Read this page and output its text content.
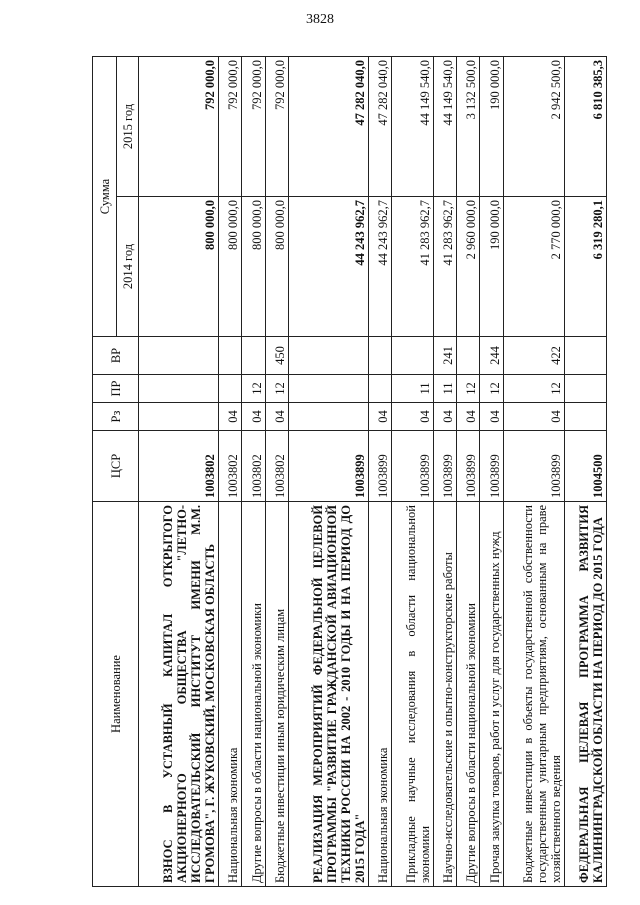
3828
Наименование	ЦСР	Рз	ПР	ВР	Сумма	
					2014 год	2015 год
ВЗНОС В УСТАВНЫЙ КАПИТАЛ ОТКРЫТОГО АКЦИОНЕРНОГО ОБЩЕСТВА "ЛЕТНО-ИССЛЕДОВАТЕЛЬСКИЙ ИНСТИТУТ ИМЕНИ М.М. ГРОМОВА", Г. ЖУКОВСКИЙ, МОСКОВСКАЯ ОБЛАСТЬ	1003802				800 000,0	792 000,0
Национальная экономика	1003802	04			800 000,0	792 000,0
Другие вопросы в области национальной экономики	1003802	04	12		800 000,0	792 000,0
Бюджетные инвестиции иным юридическим лицам	1003802	04	12	450	800 000,0	792 000,0
РЕАЛИЗАЦИЯ МЕРОПРИЯТИЙ ФЕДЕРАЛЬНОЙ ЦЕЛЕВОЙ ПРОГРАММЫ "РАЗВИТИЕ ГРАЖДАНСКОЙ АВИАЦИОННОЙ ТЕХНИКИ РОССИИ НА 2002 - 2010 ГОДЫ И НА ПЕРИОД ДО 2015 ГОДА"	1003899				44 243 962,7	47 282 040,0
Национальная экономика	1003899	04			44 243 962,7	47 282 040,0
Прикладные научные исследования в области национальной экономики	1003899	04	11		41 283 962,7	44 149 540,0
Научно-исследовательские и опытно-конструкторские работы	1003899	04	11	241	41 283 962,7	44 149 540,0
Другие вопросы в области национальной экономики	1003899	04	12		2 960 000,0	3 132 500,0
Прочая закупка товаров, работ и услуг для государственных нужд	1003899	04	12	244	190 000,0	190 000,0
Бюджетные инвестиции в объекты государственной собственности государственным унитарным предприятиям, основанным на праве хозяйственного ведения	1003899	04	12	422	2 770 000,0	2 942 500,0
ФЕДЕРАЛЬНАЯ ЦЕЛЕВАЯ ПРОГРАММА РАЗВИТИЯ КАЛИНИНГРАДСКОЙ ОБЛАСТИ НА ПЕРИОД ДО 2015 ГОДА	1004500				6 319 280,1	6 810 385,3
